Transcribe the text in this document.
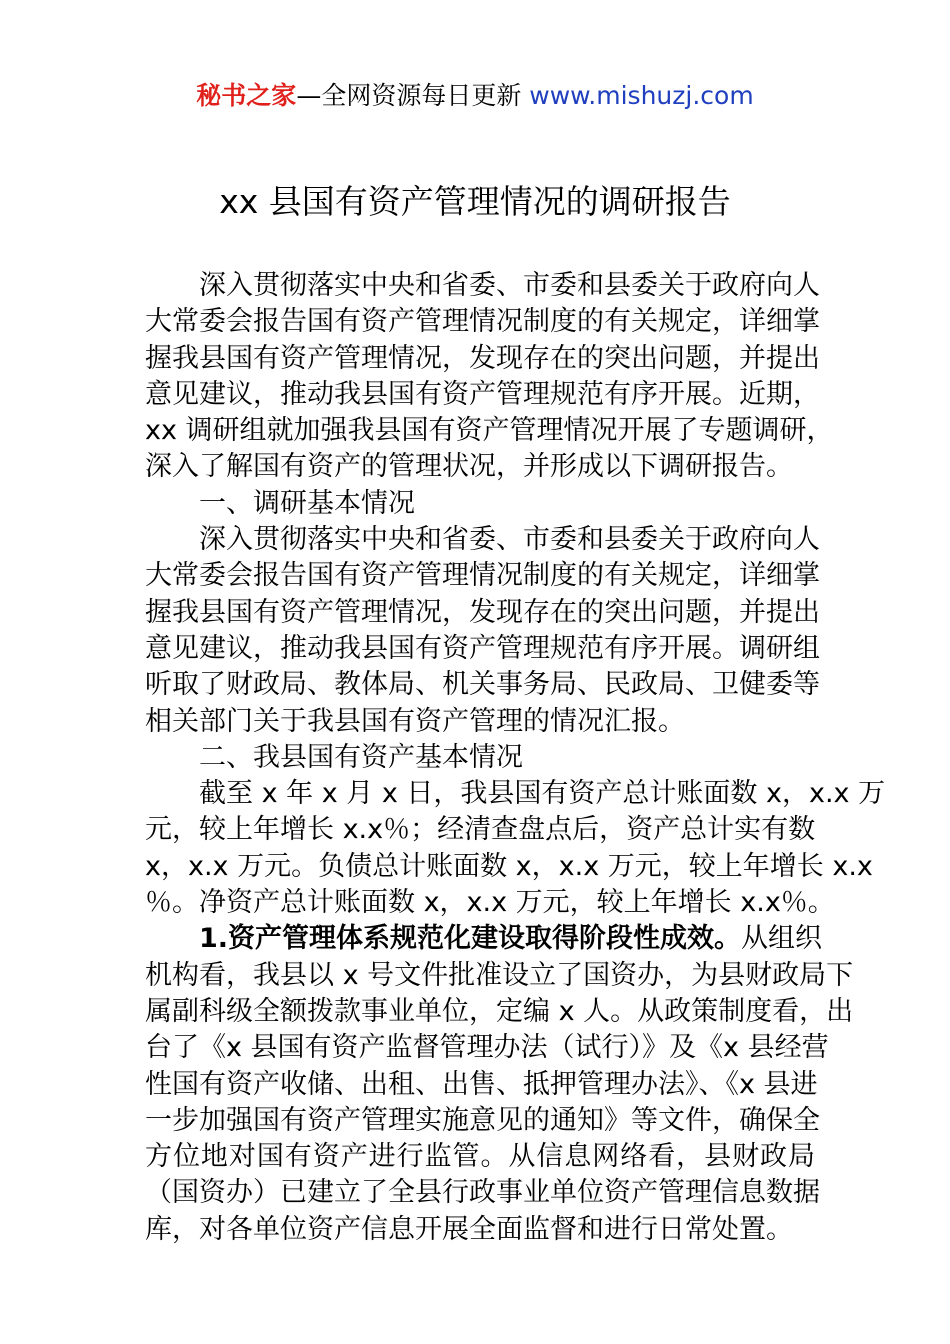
秘书之家—全网资源每日更新 www.mishuzj.com
xx 县国有资产管理情况的调研报告
深入贯彻落实中央和省委、市委和县委关于政府向人
大常委会报告国有资产管理情况制度的有关规定，详细掌
握我县国有资产管理情况，发现存在的突出问题，并提出
意见建议，推动我县国有资产管理规范有序开展。近期，
xx 调研组就加强我县国有资产管理情况开展了专题调研，
深入了解国有资产的管理状况，并形成以下调研报告。
一、调研基本情况
深入贯彻落实中央和省委、市委和县委关于政府向人
大常委会报告国有资产管理情况制度的有关规定，详细掌
握我县国有资产管理情况，发现存在的突出问题，并提出
意见建议，推动我县国有资产管理规范有序开展。调研组
听取了财政局、教体局、机关事务局、民政局、卫健委等
相关部门关于我县国有资产管理的情况汇报。
二、我县国有资产基本情况
截至 x 年 x 月 x 日，我县国有资产总计账面数 x，x.x 万
元，较上年增长 x.x％；经清查盘点后，资产总计实有数
x，x.x 万元。负债总计账面数 x，x.x 万元，较上年增长 x.x
％。净资产总计账面数 x，x.x 万元，较上年增长 x.x％。
1.资产管理体系规范化建设取得阶段性成效。从组织
机构看，我县以 x 号文件批准设立了国资办，为县财政局下
属副科级全额拨款事业单位，定编 x 人。从政策制度看，出
台了《x 县国有资产监督管理办法（试行）》及《x 县经营
性国有资产收储、出租、出售、抵押管理办法》、《x 县进
一步加强国有资产管理实施意见的通知》等文件，确保全
方位地对国有资产进行监管。从信息网络看，县财政局
（国资办）已建立了全县行政事业单位资产管理信息数据
库，对各单位资产信息开展全面监督和进行日常处置。
